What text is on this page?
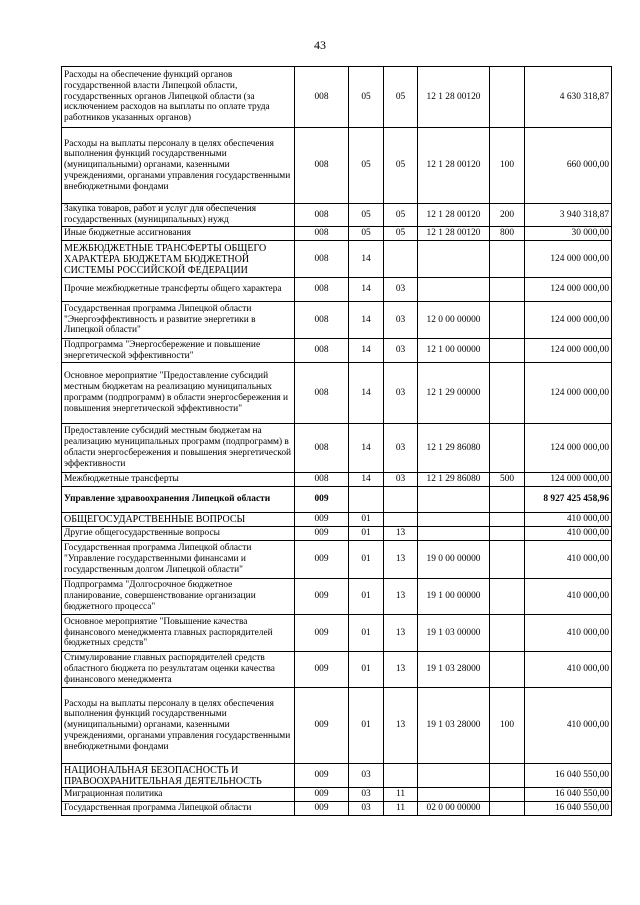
43
Расходы на обеспечение функций органов государственной власти Липецкой области, государственных органов Липецкой области (за исключением расходов на выплаты по оплате труда работников указанных органов)	008	05	05	12 1 28 00120		4 630 318,87
Расходы на выплаты персоналу в целях обеспечения выполнения функций государственными (муниципальными) органами, казенными учреждениями, органами управления государственными внебюджетными фондами	008	05	05	12 1 28 00120	100	660 000,00
Закупка товаров, работ и услуг для обеспечения государственных (муниципальных) нужд	008	05	05	12 1 28 00120	200	3 940 318,87
Иные бюджетные ассигнования	008	05	05	12 1 28 00120	800	30 000,00
МЕЖБЮДЖЕТНЫЕ ТРАНСФЕРТЫ ОБЩЕГО ХАРАКТЕРА БЮДЖЕТАМ БЮДЖЕТНОЙ СИСТЕМЫ РОССИЙСКОЙ ФЕДЕРАЦИИ	008	14				124 000 000,00
Прочие межбюджетные трансферты общего характера	008	14	03			124 000 000,00
Государственная программа Липецкой области "Энергоэффективность и развитие энергетики в Липецкой области"	008	14	03	12 0 00 00000		124 000 000,00
Подпрограмма "Энергосбережение и повышение энергетической эффективности"	008	14	03	12 1 00 00000		124 000 000,00
Основное мероприятие "Предоставление субсидий местным бюджетам на реализацию муниципальных программ (подпрограмм) в области энергосбережения и повышения энергетической эффективности"	008	14	03	12 1 29 00000		124 000 000,00
Предоставление субсидий местным бюджетам на реализацию муниципальных программ (подпрограмм) в области энергосбережения и повышения энергетической эффективности	008	14	03	12 1 29 86080		124 000 000,00
Межбюджетные трансферты	008	14	03	12 1 29 86080	500	124 000 000,00
Управление здравоохранения Липецкой области	009					8 927 425 458,96
ОБЩЕГОСУДАРСТВЕННЫЕ ВОПРОСЫ	009	01				410 000,00
Другие общегосударственные вопросы	009	01	13			410 000,00
Государственная программа Липецкой области "Управление государственными финансами и государственным долгом Липецкой области"	009	01	13	19 0 00 00000		410 000,00
Подпрограмма "Долгосрочное бюджетное планирование, совершенствование организации бюджетного процесса"	009	01	13	19 1 00 00000		410 000,00
Основное мероприятие "Повышение качества финансового менеджмента главных распорядителей бюджетных средств"	009	01	13	19 1 03 00000		410 000,00
Стимулирование главных распорядителей средств областного бюджета по результатам оценки качества финансового менеджмента	009	01	13	19 1 03 28000		410 000,00
Расходы на выплаты персоналу в целях обеспечения выполнения функций государственными (муниципальными) органами, казенными учреждениями, органами управления государственными внебюджетными фондами	009	01	13	19 1 03 28000	100	410 000,00
НАЦИОНАЛЬНАЯ БЕЗОПАСНОСТЬ И ПРАВООХРАНИТЕЛЬНАЯ ДЕЯТЕЛЬНОСТЬ	009	03				16 040 550,00
Миграционная политика	009	03	11			16 040 550,00
Государственная программа Липецкой области	009	03	11	02 0 00 00000		16 040 550,00
